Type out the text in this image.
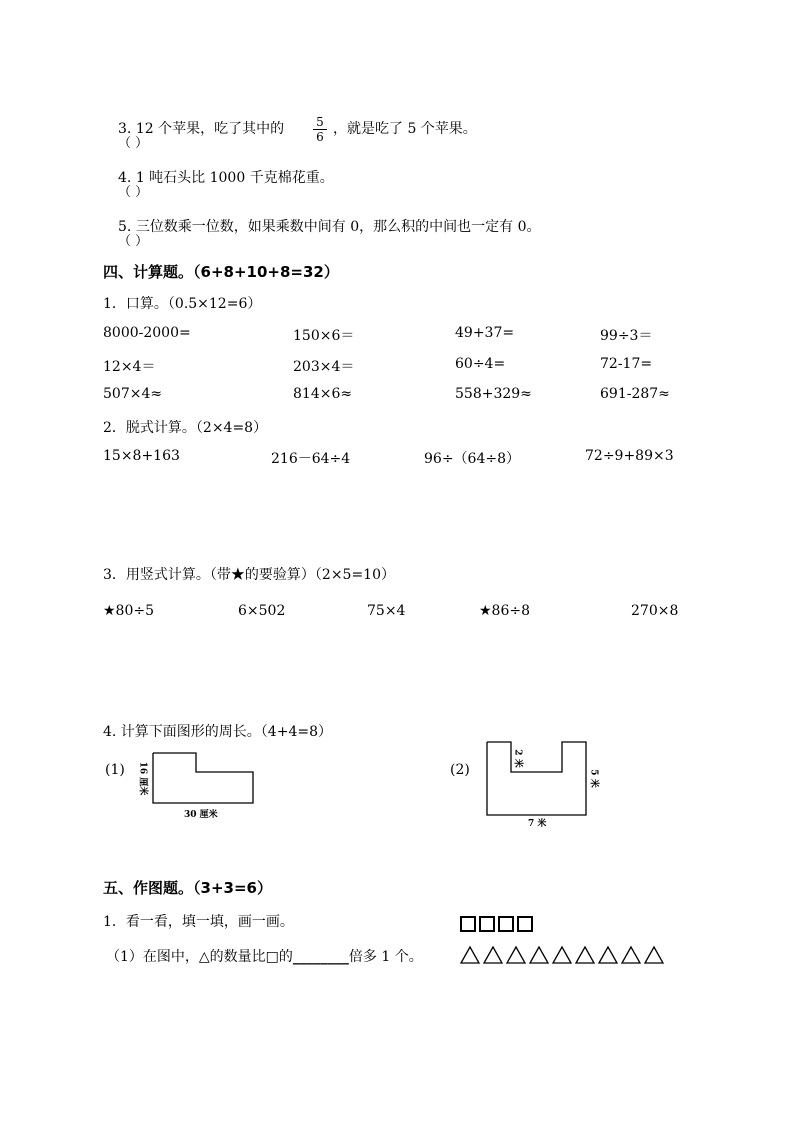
3. 12 个苹果，吃了其中的 $\frac{5}{6}$ ，就是吃了 5 个苹果。
（ ）
4. 1 吨石头比 1000 千克棉花重。
（ ）
5. 三位数乘一位数，如果乘数中间有 0，那么积的中间也一定有 0。
（ ）
四、计算题。（6+8+10+8=32）
1．口算。（0.5×12=6）
8000-2000=	150×6＝	49+37=	99÷3＝
12×4＝	203×4＝	60÷4=	72-17=
507×4≈	814×6≈	558+329≈	691-287≈
2．脱式计算。（2×4=8）
15×8+163	216－64÷4	96÷（64÷8）	72÷9+89×3
3．用竖式计算。（带★的要验算）（2×5=10）
★80÷5	6×502	75×4	★86÷8	270×8
4. 计算下面图形的周长。（4+4=8）
(1) 16 厘米
30 厘米
(2)
2 米
5 米
7 米
五、作图题。（3+3=6）
1．看一看，填一填，画一画。
（1）在图中，△的数量比□的________倍多 1 个。
